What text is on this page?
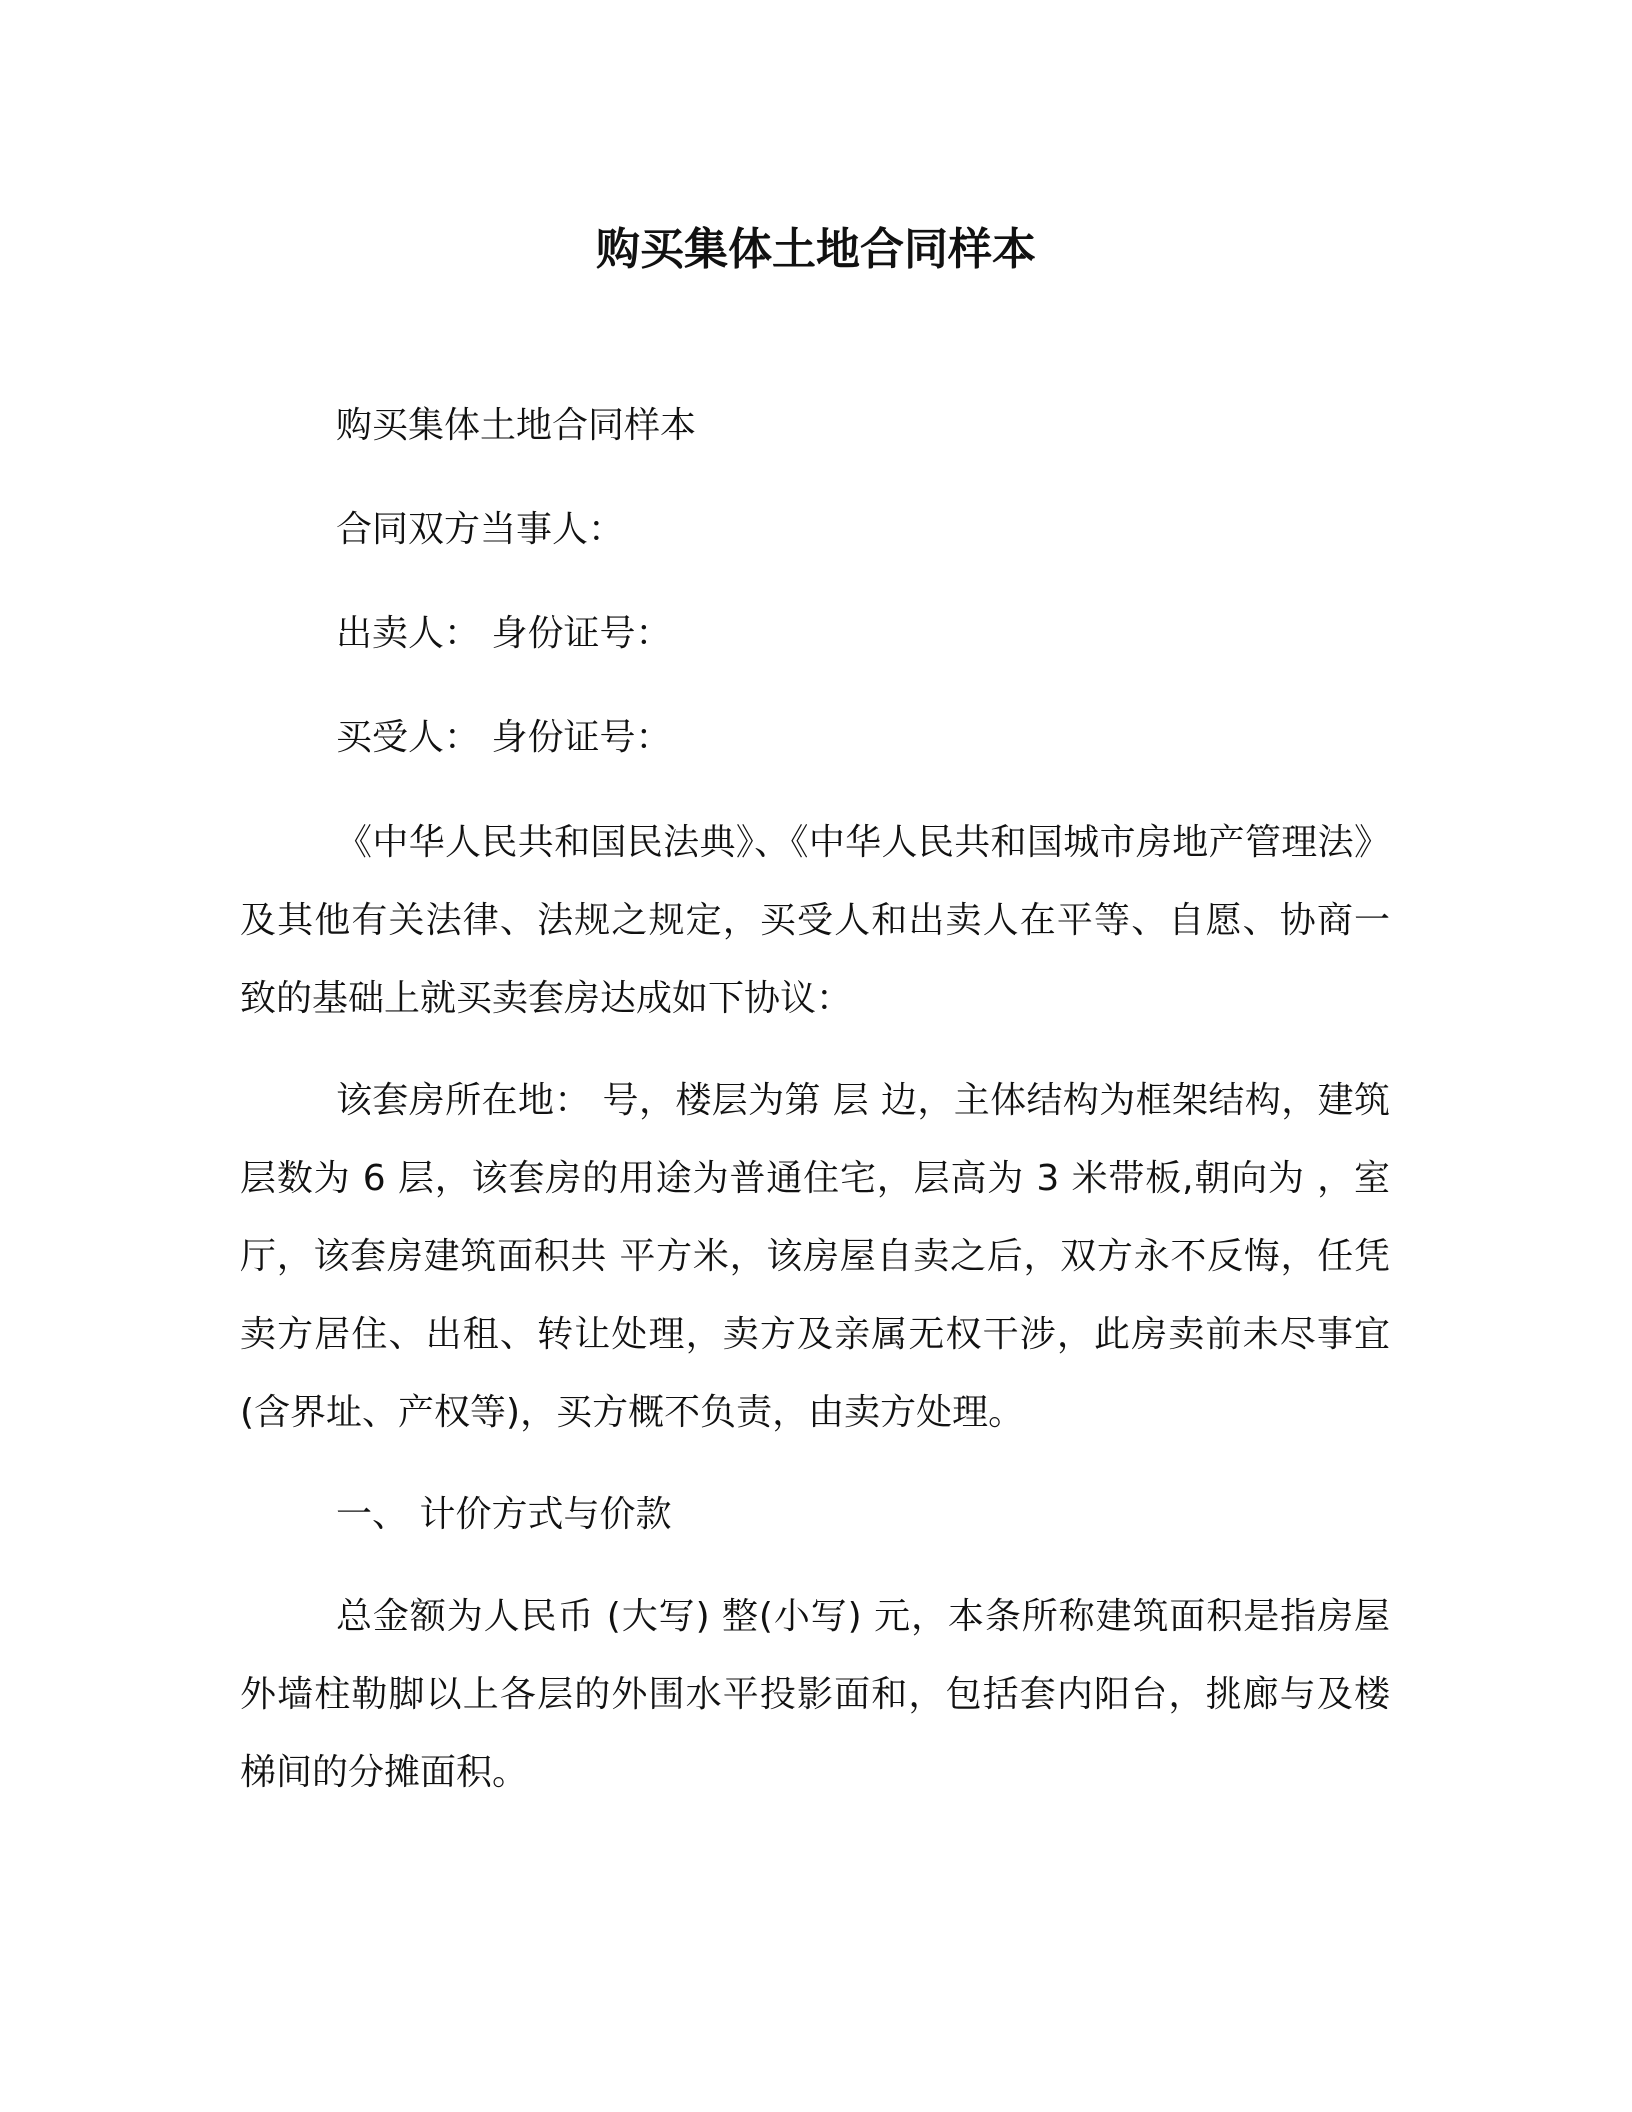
购买集体土地合同样本

购买集体土地合同样本

合同双方当事人：

出卖人： 身份证号：

买受人： 身份证号：

《中华人民共和国民法典》、《中华人民共和国城市房地产管理法》及其他有关法律、法规之规定，买受人和出卖人在平等、自愿、协商一致的基础上就买卖套房达成如下协议：

该套房所在地： 号，楼层为第 层 边，主体结构为框架结构，建筑层数为 6 层，该套房的用途为普通住宅，层高为 3 米带板,朝向为 ，室 厅，该套房建筑面积共 平方米，该房屋自卖之后，双方永不反悔，任凭卖方居住、出租、转让处理，卖方及亲属无权干涉，此房卖前未尽事宜(含界址、产权等)，买方概不负责，由卖方处理。

一、 计价方式与价款

总金额为人民币 (大写) 整(小写) 元，本条所称建筑面积是指房屋外墙柱勒脚以上各层的外围水平投影面和，包括套内阳台，挑廊与及楼梯间的分摊面积。
